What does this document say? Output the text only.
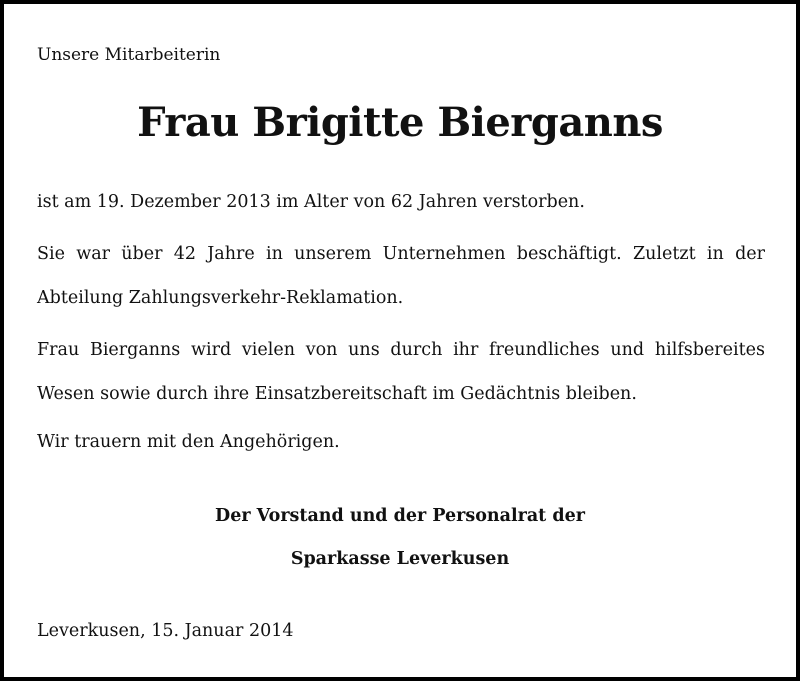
Unsere Mitarbeiterin
Frau Brigitte Bierganns
ist am 19. Dezember 2013 im Alter von 62 Jahren verstorben.
Sie war über 42 Jahre in unserem Unternehmen beschäftigt. Zuletzt in der Abteilung Zahlungsverkehr-Reklamation.
Frau Bierganns wird vielen von uns durch ihr freundliches und hilfsbereites Wesen sowie durch ihre Einsatzbereitschaft im Gedächtnis bleiben.
Wir trauern mit den Angehörigen.
Der Vorstand und der Personalrat der
Sparkasse Leverkusen
Leverkusen, 15. Januar 2014
